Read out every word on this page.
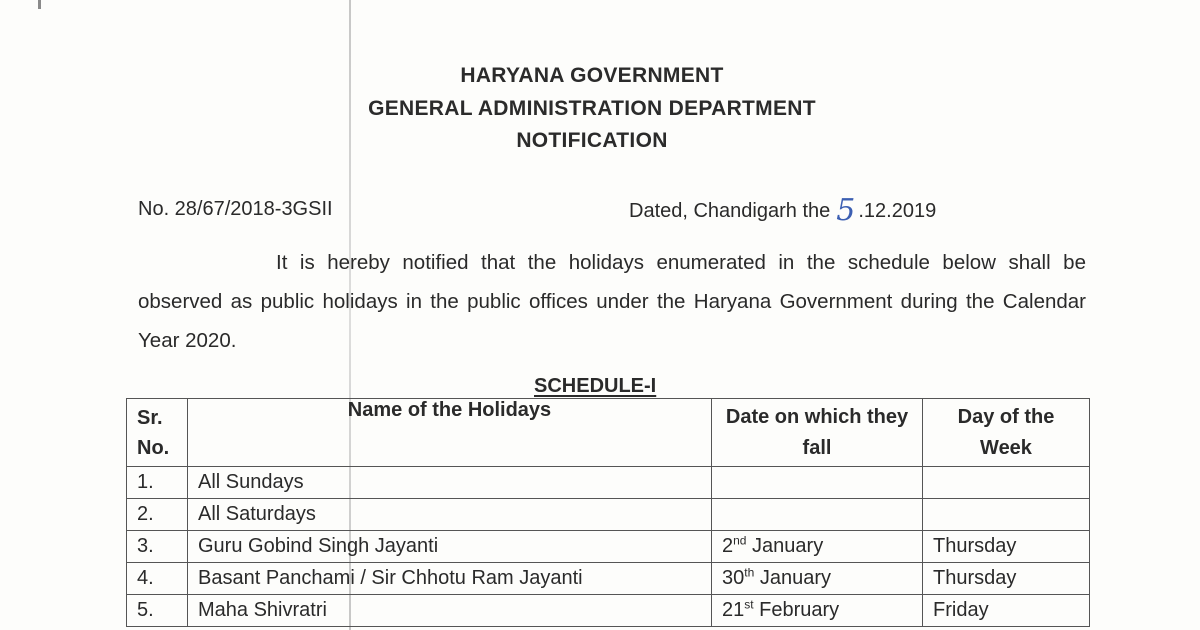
HARYANA GOVERNMENT
GENERAL ADMINISTRATION DEPARTMENT
NOTIFICATION
No. 28/67/2018-3GSII	Dated, Chandigarh the 5 .12.2019
It is hereby notified that the holidays enumerated in the schedule below shall be observed as public holidays in the public offices under the Haryana Government during the Calendar Year 2020.
SCHEDULE-I
Sr. No.	Name of the Holidays	Date on which they fall	Day of the Week
1.	All Sundays		
2.	All Saturdays		
3.	Guru Gobind Singh Jayanti	2nd January	Thursday
4.	Basant Panchami / Sir Chhotu Ram Jayanti	30th January	Thursday
5.	Maha Shivratri	21st February	Friday
